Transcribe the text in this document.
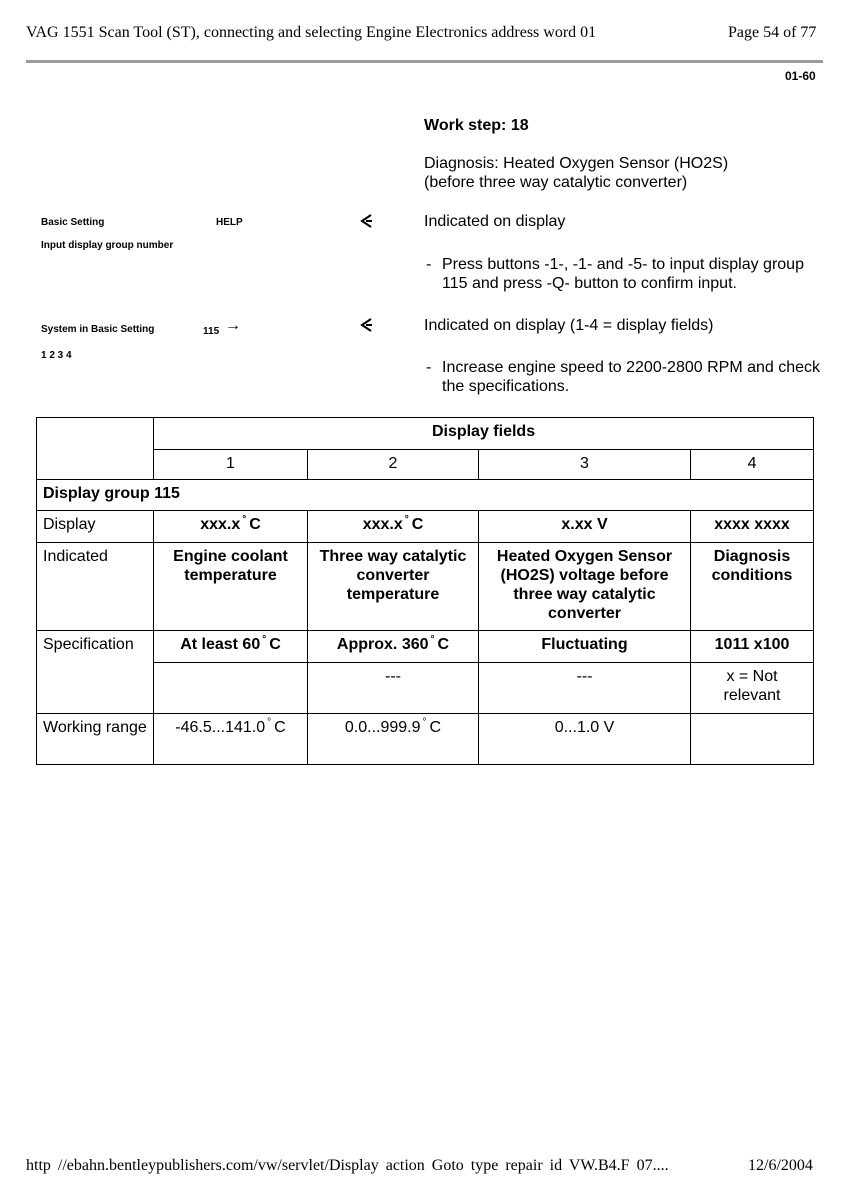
VAG 1551 Scan Tool (ST), connecting and selecting Engine Electronics address word 01	Page 54 of 77
01-60
Work step: 18
Diagnosis: Heated Oxygen Sensor (HO2S)
(before three way catalytic converter)
Basic Setting	HELP
Input display group number
Indicated on display
- Press buttons -1-, -1- and -5- to input display group 115 and press -Q- button to confirm input.
System in Basic Setting	115 →
1 2 3 4
Indicated on display (1-4 = display fields)
- Increase engine speed to 2200-2800 RPM and check the specifications.
	Display fields			
	1	2	3	4
Display group 115				
Display	xxx.x ° C	xxx.x ° C	x.xx V	xxxx xxxx
Indicated	Engine coolant temperature	Three way catalytic converter temperature	Heated Oxygen Sensor (HO2S) voltage before three way catalytic converter	Diagnosis conditions
Specification	At least 60 ° C	Approx. 360 ° C	Fluctuating	1011 x100
		---	---	x = Not relevant
Working range	-46.5...141.0 ° C	0.0...999.9 ° C	0...1.0 V	
http //ebahn.bentleypublishers.com/vw/servlet/Display action Goto type repair id VW.B4.F 07....	12/6/2004
